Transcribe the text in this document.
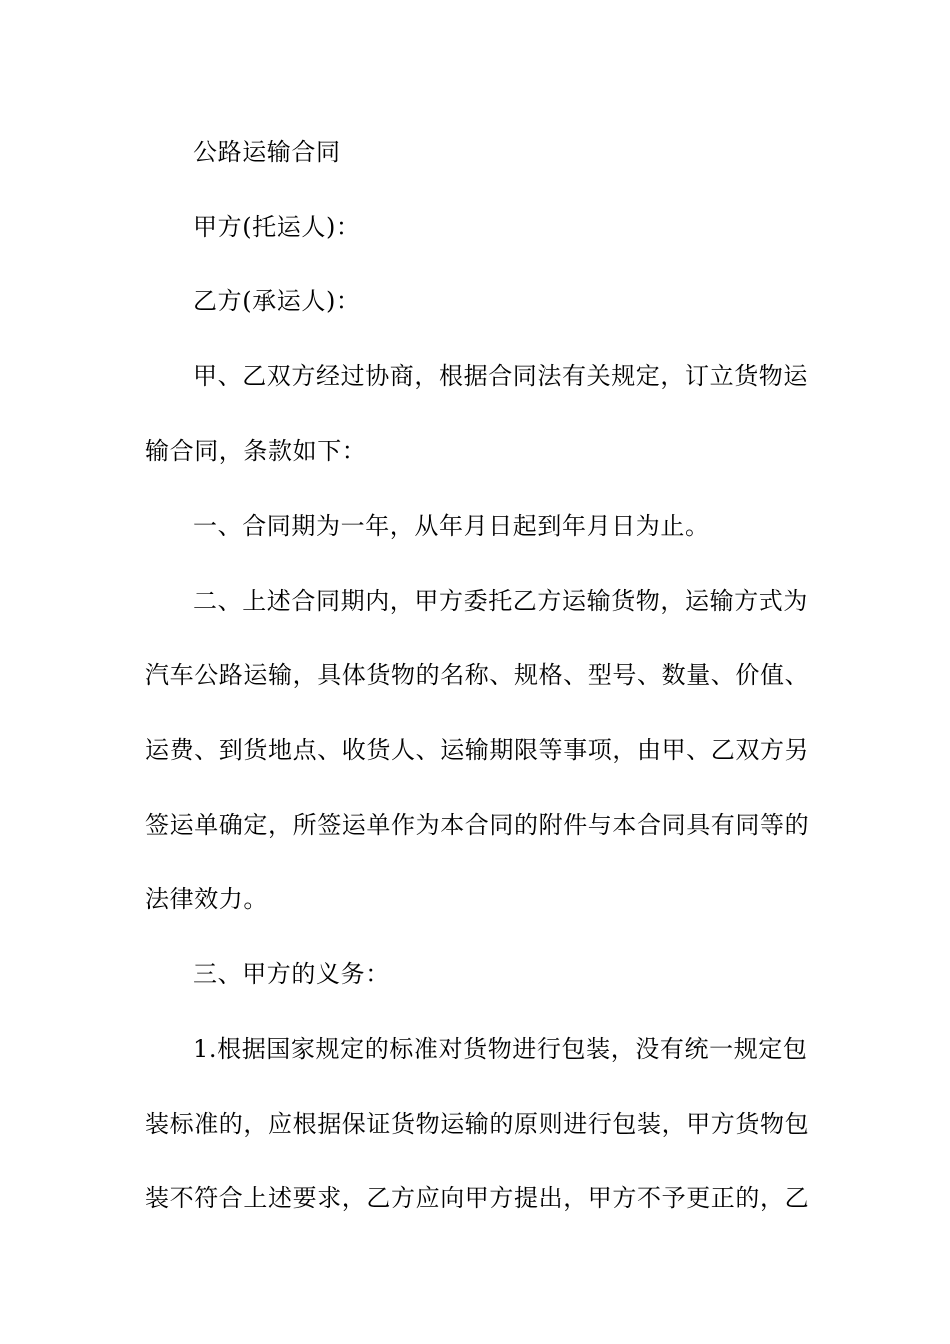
公路运输合同
甲方(托运人)：
乙方(承运人)：
甲、乙双方经过协商，根据合同法有关规定，订立货物运
输合同，条款如下：
一、合同期为一年，从年月日起到年月日为止。
二、上述合同期内，甲方委托乙方运输货物，运输方式为
汽车公路运输，具体货物的名称、规格、型号、数量、价值、
运费、到货地点、收货人、运输期限等事项，由甲、乙双方另
签运单确定，所签运单作为本合同的附件与本合同具有同等的
法律效力。
三、甲方的义务：
1.根据国家规定的标准对货物进行包装，没有统一规定包
装标准的，应根据保证货物运输的原则进行包装，甲方货物包
装不符合上述要求，乙方应向甲方提出，甲方不予更正的，乙
